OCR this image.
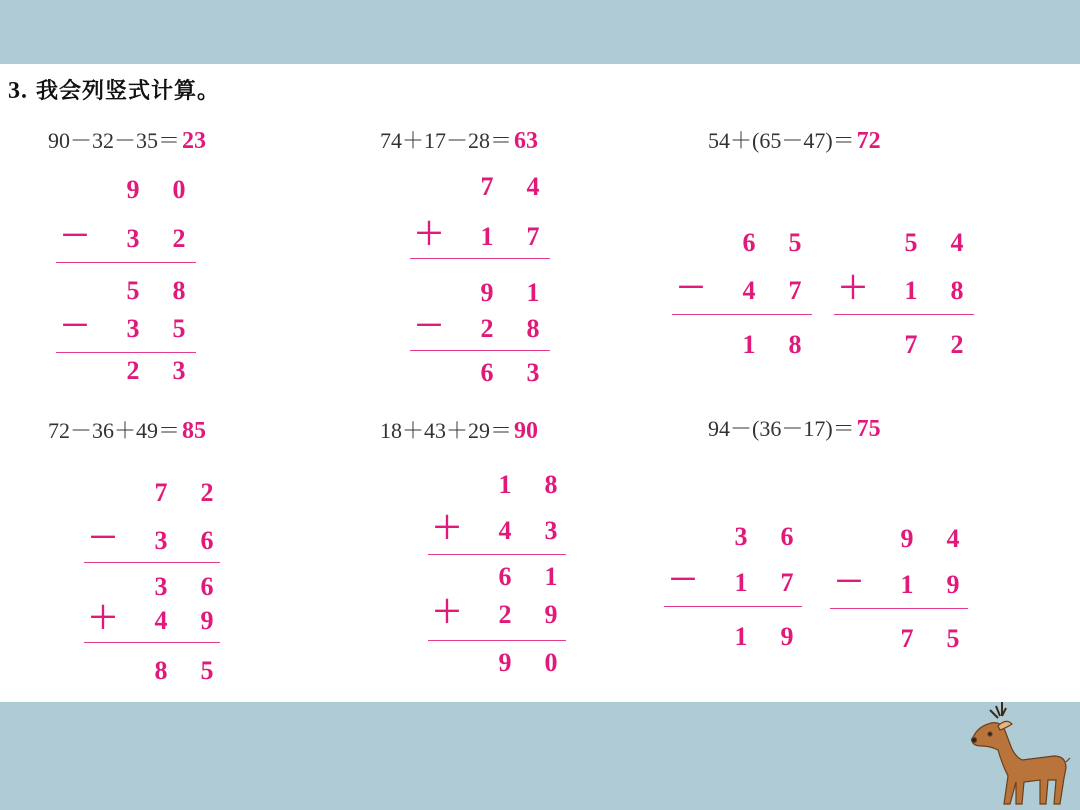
3. 我会列竖式计算。
90－32－35＝23	74＋17－28＝63	54＋(65－47)＝72
72－36＋49＝85	18＋43＋29＝90	94－(36－17)＝75
9	0
－	3	2
5	8
－	3	5
2	3
7	4
＋	1	7
9	1
－	2	8
6	3
6	5
－	4	7
1	8
5	4
＋	1	8
7	2
7	2
－	3	6
3	6
＋	4	9
8	5
1	8
＋	4	3
6	1
＋	2	9
9	0
3	6
－	1	7
1	9
9	4
－	1	9
7	5
